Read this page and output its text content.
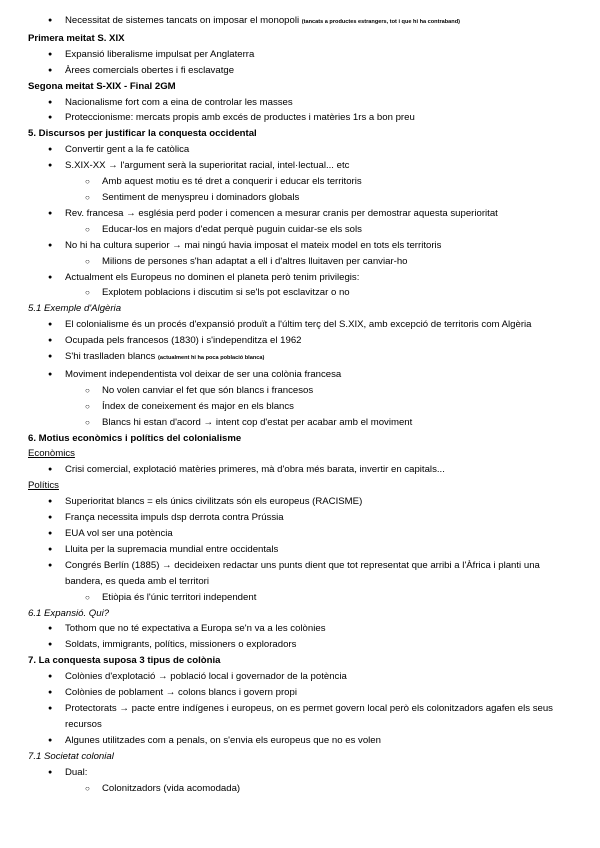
● Necessitat de sistemes tancats on imposar el monopoli (tancats a productes estrangers, tot i que hi ha contraband)
Primera meitat S. XIX
● Expansió liberalisme impulsat per Anglaterra
● Àrees comercials obertes i fi esclavatge
Segona meitat S-XIX - Final 2GM
● Nacionalisme fort com a eina de controlar les masses
● Proteccionisme: mercats propis amb excés de productes i matèries 1rs a bon preu
5. Discursos per justificar la conquesta occidental
● Convertir gent a la fe catòlica
● S.XIX-XX → l'argument serà la superioritat racial, intel·lectual... etc
○ Amb aquest motiu es té dret a conquerir i educar els territoris
○ Sentiment de menyspreu i dominadors globals
● Rev. francesa → església perd poder i comencen a mesurar cranis per demostrar aquesta superioritat
○ Educar-los en majors d'edat perquè puguin cuidar-se els sols
● No hi ha cultura superior → mai ningú havia imposat el mateix model en tots els territoris
○ Milions de persones s'han adaptat a ell i d'altres lluitaven per canviar-ho
● Actualment els Europeus no dominen el planeta però tenim privilegis:
○ Explotem poblacions i discutim si se'ls pot esclavitzar o no
5.1 Exemple d'Algèria
● El colonialisme és un procés d'expansió produït a l'últim terç del S.XIX, amb excepció de territoris com Algèria
● Ocupada pels francesos (1830) i s'independitza el 1962
● S'hi traslladen blancs (actualment hi ha poca població blanca)
● Moviment independentista vol deixar de ser una colònia francesa
○ No volen canviar el fet que són blancs i francesos
○ Índex de coneixement és major en els blancs
○ Blancs hi estan d'acord → intent cop d'estat per acabar amb el moviment
6. Motius econòmics i polítics del colonialisme
Econòmics
● Crisi comercial, explotació matèries primeres, mà d'obra més barata, invertir en capitals...
Polítics
● Superioritat blancs = els únics civilitzats són els europeus (RACISME)
● França necessita impuls dsp derrota contra Prússia
● EUA vol ser una potència
● Lluita per la supremacia mundial entre occidentals
● Congrés Berlín (1885) → decideixen redactar uns punts dient que tot representat que arribi a l'Àfrica i planti una bandera, es queda amb el territori
○ Etiòpia és l'únic territori independent
6.1 Expansió. Qui?
● Tothom que no té expectativa a Europa se'n va a les colònies
● Soldats, immigrants, polítics, missioners o exploradors
7. La conquesta suposa 3 tipus de colònia
● Colònies d'explotació → població local i governador de la potència
● Colònies de poblament → colons blancs i govern propi
● Protectorats → pacte entre indígenes i europeus, on es permet govern local però els colonitzadors agafen els seus recursos
● Algunes utilitzades com a penals, on s'envia els europeus que no es volen
7.1 Societat colonial
● Dual:
○ Colonitzadors (vida acomodada)
